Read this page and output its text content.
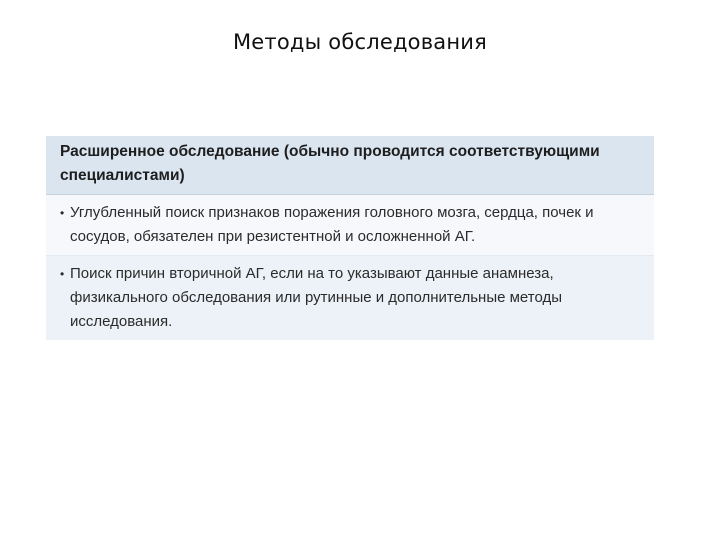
Методы обследования
Расширенное обследование (обычно проводится соответствующими специалистами)
• Углубленный поиск признаков поражения головного мозга, сердца, почек и сосудов, обязателен при резистентной и осложненной АГ.
• Поиск причин вторичной АГ, если на то указывают данные анамнеза, физикального обследования или рутинные и дополнительные методы исследования.
